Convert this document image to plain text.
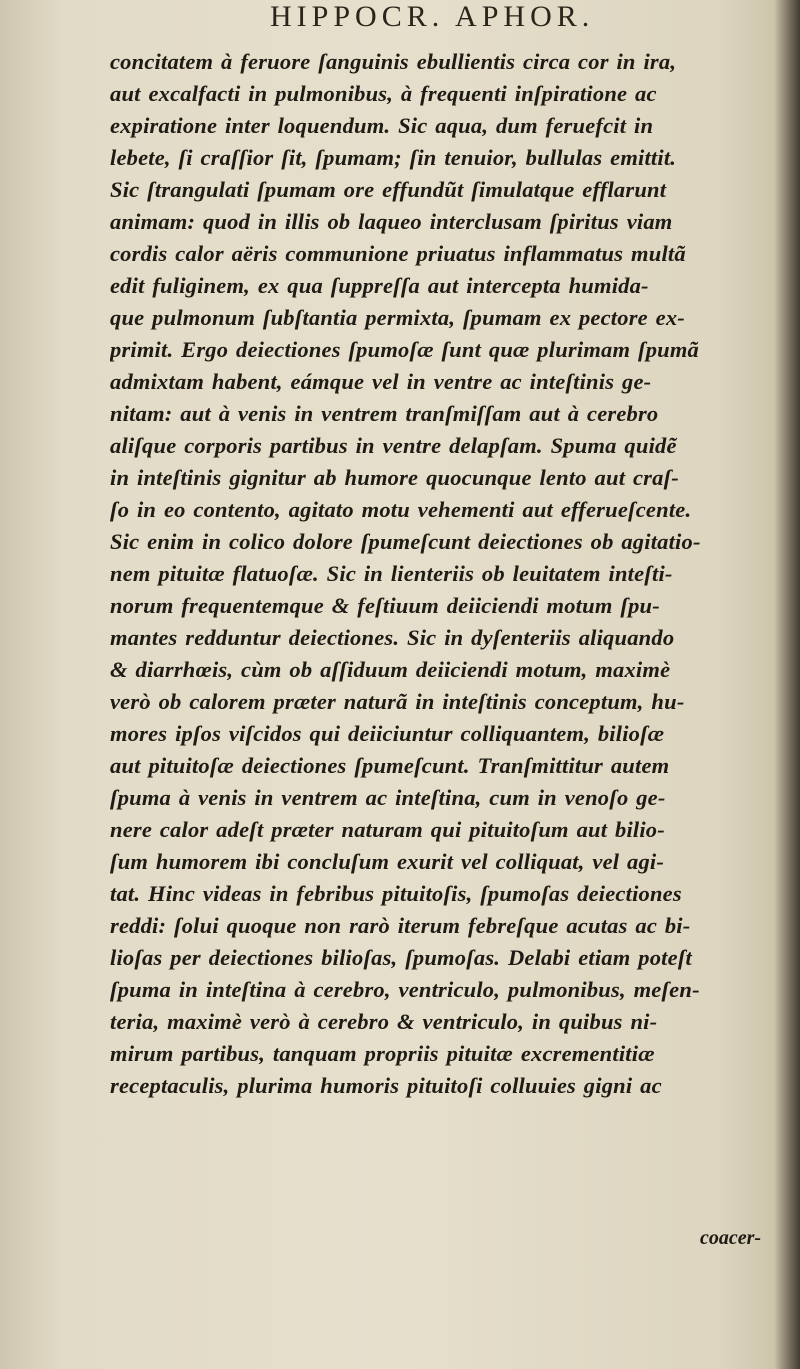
HIPPOCR. APHOR.
concitatem à feruore ſanguinis ebullientis circa cor in ira,
aut excalfacti in pulmonibus, à frequenti inſpiratione ac
expiratione inter loquendum. Sic aqua, dum feruefcit in
lebete, ſi craſſior ſit, ſpumam; ſin tenuior, bullulas emittit.
Sic ſtrangulati ſpumam ore effundũt ſimulatque efflarunt
animam: quod in illis ob laqueo interclusam ſpiritus viam
cordis calor aëris communione priuatus inflammatus multã
edit fuliginem, ex qua ſuppreſſa aut intercepta humida-
que pulmonum ſubſtantia permixta, ſpumam ex pectore ex-
primit. Ergo deiectiones ſpumoſæ ſunt quæ plurimam ſpumã
admixtam habent, eámque vel in ventre ac inteſtinis ge-
nitam: aut à venis in ventrem tranſmiſſam aut à cerebro
aliſque corporis partibus in ventre delapſam. Spuma quidẽ
in inteſtinis gignitur ab humore quocunque lento aut craſ-
ſo in eo contento, agitato motu vehementi aut efferueſcente.
Sic enim in colico dolore ſpumeſcunt deiectiones ob agitatio-
nem pituitæ flatuoſæ. Sic in lienteriis ob leuitatem inteſti-
norum frequentemque & feſtiuum deiiciendi motum ſpu-
mantes redduntur deiectiones. Sic in dyſenteriis aliquando
& diarrhœis, cùm ob aſſiduum deiiciendi motum, maximè
verò ob calorem præter naturã in inteſtinis conceptum, hu-
mores ipſos viſcidos qui deiiciuntur colliquantem, bilioſæ
aut pituitoſæ deiectiones ſpumeſcunt. Tranſmittitur autem
ſpuma à venis in ventrem ac inteſtina, cum in venoſo ge-
nere calor adeſt præter naturam qui pituitoſum aut bilio-
ſum humorem ibi concluſum exurit vel colliquat, vel agi-
tat. Hinc videas in febribus pituitoſis, ſpumoſas deiectiones
reddi: ſolui quoque non rarò iterum febreſque acutas ac bi-
lioſas per deiectiones bilioſas, ſpumoſas. Delabi etiam poteſt
ſpuma in inteſtina à cerebro, ventriculo, pulmonibus, meſen-
teria, maximè verò à cerebro & ventriculo, in quibus ni-
mirum partibus, tanquam propriis pituitæ excrementitiæ
receptaculis, plurima humoris pituitoſi colluuies gigni ac
coacer-
